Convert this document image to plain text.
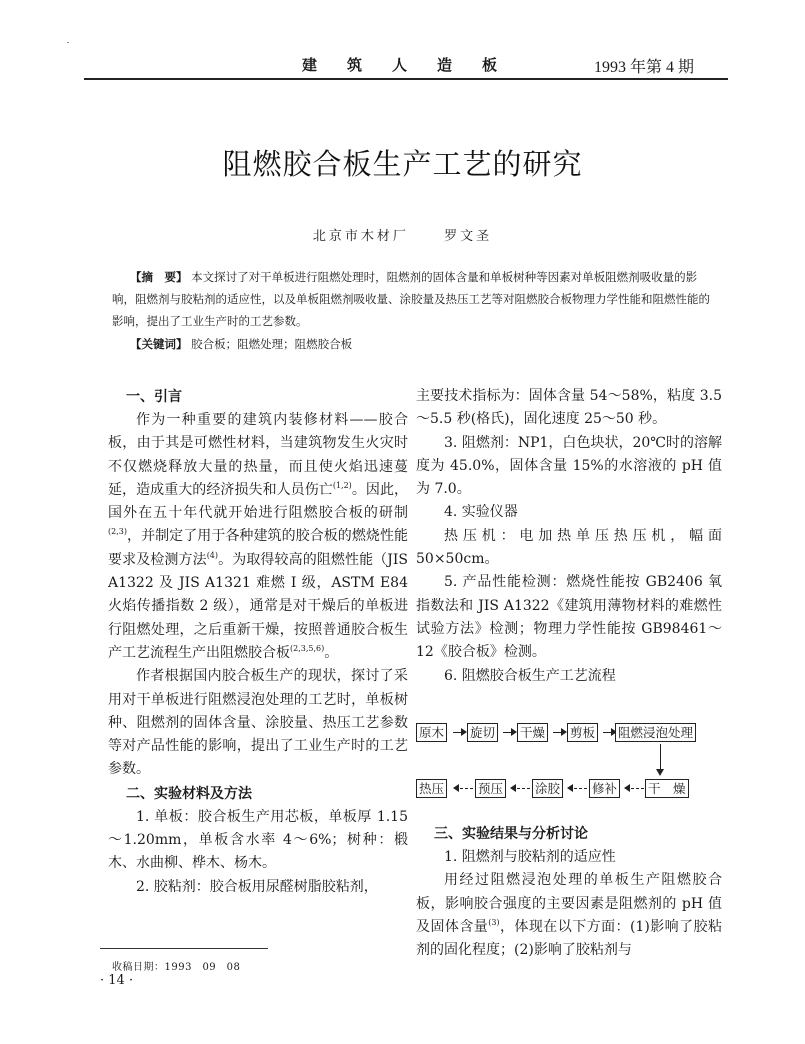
建筑人造板	1993 年第 4 期
阻燃胶合板生产工艺的研究
北京市木材厂	罗文圣
【摘　要】 本文探讨了对干单板进行阻燃处理时，阻燃剂的固体含量和单板树种等因素对单板阻燃剂吸收量的影响，阻燃剂与胶粘剂的适应性，以及单板阻燃剂吸收量、涂胶量及热压工艺等对阻燃胶合板物理力学性能和阻燃性能的影响，提出了工业生产时的工艺参数。
【关键词】 胶合板；阻燃处理；阻燃胶合板
一、引言

作为一种重要的建筑内装修材料——胶合板，由于其是可燃性材料，当建筑物发生火灾时不仅燃烧释放大量的热量，而且使火焰迅速蔓延，造成重大的经济损失和人员伤亡$^{(1,2)}$。因此，国外在五十年代就开始进行阻燃胶合板的研制$^{(2,3)}$，并制定了用于各种建筑的胶合板的燃烧性能要求及检测方法$^{(4)}$。为取得较高的阻燃性能（JIS A1322 及 JIS A1321 难燃 I 级，ASTM E84 火焰传播指数 2 级），通常是对干燥后的单板进行阻燃处理，之后重新干燥，按照普通胶合板生产工艺流程生产出阻燃胶合板$^{(2,3,5,6)}$。

作者根据国内胶合板生产的现状，探讨了采用对干单板进行阻燃浸泡处理的工艺时，单板树种、阻燃剂的固体含量、涂胶量、热压工艺参数等对产品性能的影响，提出了工业生产时的工艺参数。

二、实验材料及方法

1. 单板：胶合板生产用芯板，单板厚 1.15～1.20mm，单板含水率 4～6%；树种：椴木、水曲柳、桦木、杨木。

2. 胶粘剂：胶合板用尿醛树脂胶粘剂，

收稿日期：1993　09　08
· 14 ·

主要技术指标为：固体含量 54～58%，粘度 3.5～5.5 秒(格氏)，固化速度 25～50 秒。

3. 阻燃剂：NP1，白色块状，20℃时的溶解度为 45.0%，固体含量 15%的水溶液的 pH 值为 7.0。

4. 实验仪器

热压机：电加热单压热压机，幅面 50×50cm。

5. 产品性能检测：燃烧性能按 GB2406 氧指数法和 JIS A1322《建筑用薄物材料的难燃性试验方法》检测；物理力学性能按 GB98461～12《胶合板》检测。

6. 阻燃胶合板生产工艺流程
原木 旋切 干燥 剪板 阻燃浸泡处理
热压	预压	涂胶	修补 干　燥
三、实验结果与分析讨论
1. 阻燃剂与胶粘剂的适应性

用经过阻燃浸泡处理的单板生产阻燃胶合板，影响胶合强度的主要因素是阻燃剂的 pH 值及固体含量$^{(3)}$，体现在以下方面：(1)影响了胶粘剂的固化程度；(2)影响了胶粘剂与
